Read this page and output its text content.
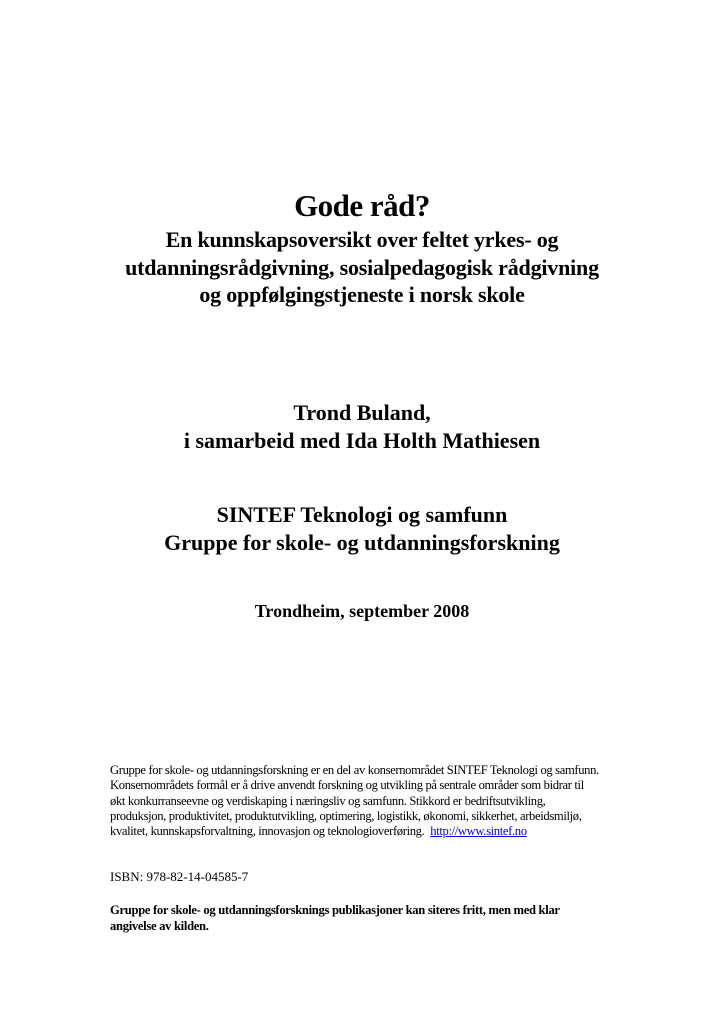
Gode råd?
En kunnskapsoversikt over feltet yrkes- og
utdanningsrådgivning, sosialpedagogisk rådgivning
og oppfølgingstjeneste i norsk skole
Trond Buland,
i samarbeid med Ida Holth Mathiesen
SINTEF Teknologi og samfunn
Gruppe for skole- og utdanningsforskning
Trondheim, september 2008
Gruppe for skole- og utdanningsforskning er en del av konsernområdet SINTEF Teknologi og samfunn.
Konsernområdets formål er å drive anvendt forskning og utvikling på sentrale områder som bidrar til
økt konkurranseevne og verdiskaping i næringsliv og samfunn. Stikkord er bedriftsutvikling,
produksjon, produktivitet, produktutvikling, optimering, logistikk, økonomi, sikkerhet, arbeidsmiljø,
kvalitet, kunnskapsforvaltning, innovasjon og teknologioverføring. http://www.sintef.no
ISBN: 978-82-14-04585-7
Gruppe for skole- og utdanningsforsknings publikasjoner kan siteres fritt, men med klar
angivelse av kilden.
